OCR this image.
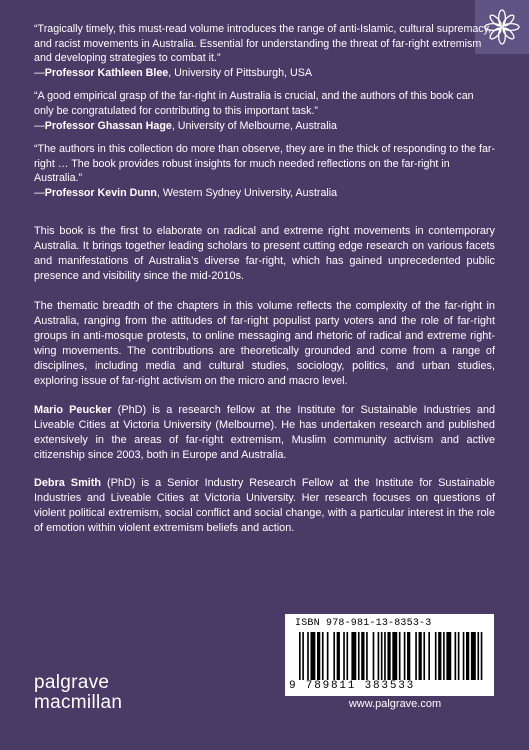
“Tragically timely, this must-read volume introduces the range of anti-Islamic, cultural supremacy, and racist movements in Australia. Essential for understanding the threat of far-right extremism and developing strategies to combat it.”

—Professor Kathleen Blee, University of Pittsburgh, USA

“A good empirical grasp of the far-right in Australia is crucial, and the authors of this book can only be congratulated for contributing to this important task.”

—Professor Ghassan Hage, University of Melbourne, Australia

“The authors in this collection do more than observe, they are in the thick of responding to the far-right … The book provides robust insights for much needed reflections on the far-right in Australia.”

—Professor Kevin Dunn, Western Sydney University, Australia

This book is the first to elaborate on radical and extreme right movements in contemporary Australia. It brings together leading scholars to present cutting edge research on various facets and manifestations of Australia’s diverse far-right, which has gained unprecedented public presence and visibility since the mid-2010s.

The thematic breadth of the chapters in this volume reflects the complexity of the far-right in Australia, ranging from the attitudes of far-right populist party voters and the role of far-right groups in anti-mosque protests, to online messaging and rhetoric of radical and extreme right-wing movements. The contributions are theoretically grounded and come from a range of disciplines, including media and cultural studies, sociology, politics, and urban studies, exploring issue of far-right activism on the micro and macro level.

Mario Peucker (PhD) is a research fellow at the Institute for Sustainable Industries and Liveable Cities at Victoria University (Melbourne). He has undertaken research and published extensively in the areas of far-right extremism, Muslim community activism and active citizenship since 2003, both in Europe and Australia.

Debra Smith (PhD) is a Senior Industry Research Fellow at the Institute for Sustainable Industries and Liveable Cities at Victoria University. Her research focuses on questions of violent political extremism, social conflict and social change, with a particular interest in the role of emotion within violent extremism beliefs and action.

palgrave
macmillan
ISBN 978-981-13-8353-3
9 789811 383533
www.palgrave.com
